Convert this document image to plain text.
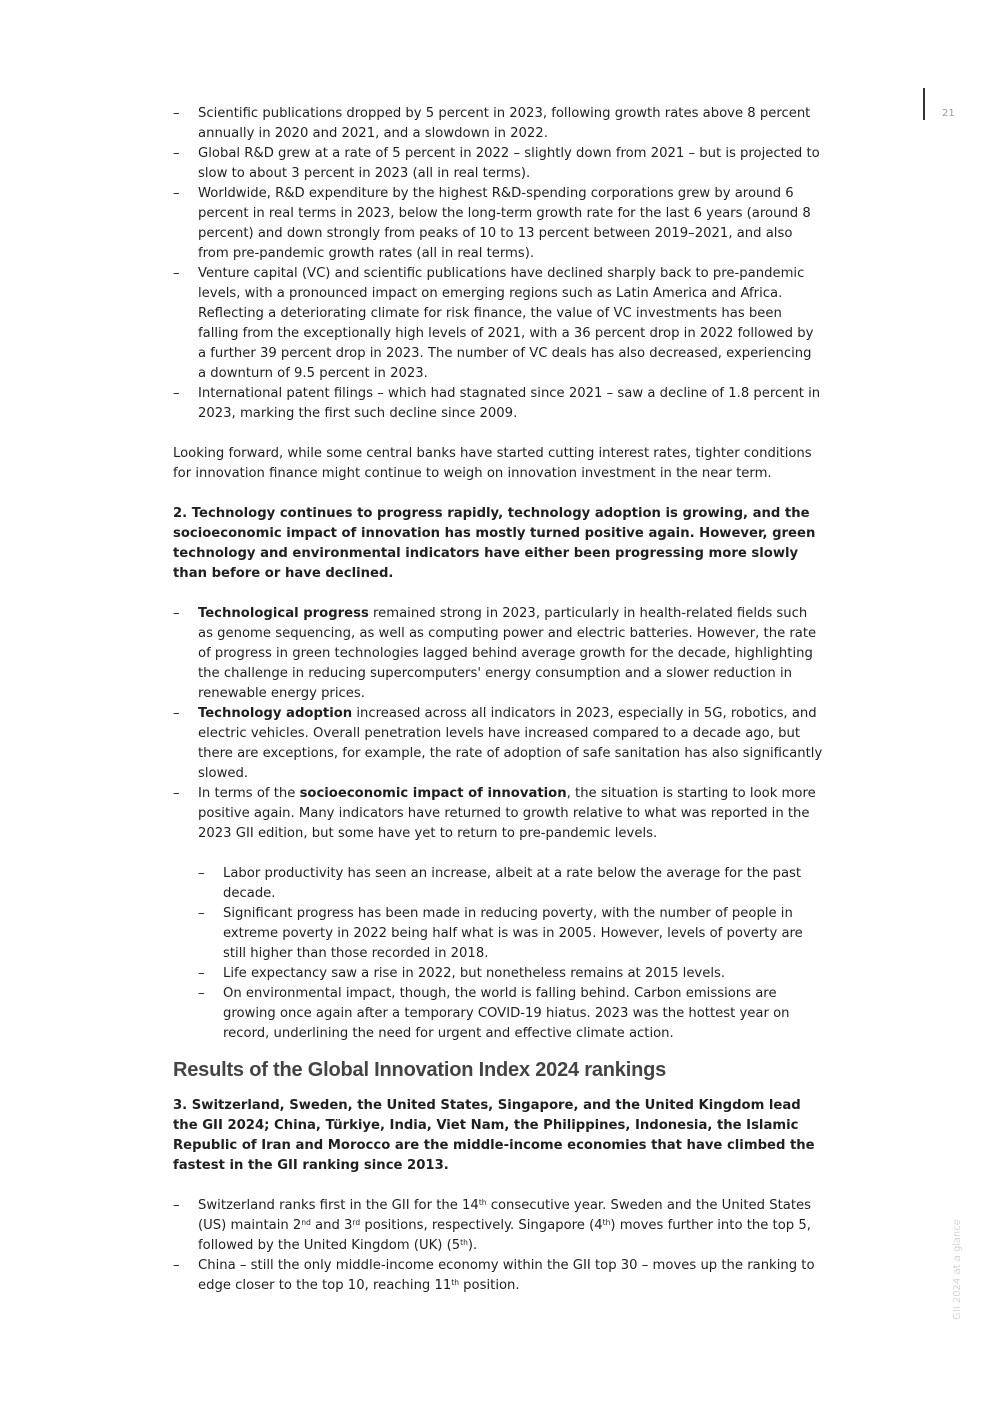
21
GII 2024 at a glance
– Scientific publications dropped by 5 percent in 2023, following growth rates above 8 percent annually in 2020 and 2021, and a slowdown in 2022.
– Global R&D grew at a rate of 5 percent in 2022 – slightly down from 2021 – but is projected to slow to about 3 percent in 2023 (all in real terms).
– Worldwide, R&D expenditure by the highest R&D-spending corporations grew by around 6 percent in real terms in 2023, below the long-term growth rate for the last 6 years (around 8 percent) and down strongly from peaks of 10 to 13 percent between 2019–2021, and also from pre-pandemic growth rates (all in real terms).
– Venture capital (VC) and scientific publications have declined sharply back to pre-pandemic levels, with a pronounced impact on emerging regions such as Latin America and Africa. Reflecting a deteriorating climate for risk finance, the value of VC investments has been falling from the exceptionally high levels of 2021, with a 36 percent drop in 2022 followed by a further 39 percent drop in 2023. The number of VC deals has also decreased, experiencing a downturn of 9.5 percent in 2023.
– International patent filings – which had stagnated since 2021 – saw a decline of 1.8 percent in 2023, marking the first such decline since 2009.

Looking forward, while some central banks have started cutting interest rates, tighter conditions for innovation finance might continue to weigh on innovation investment in the near term.

2. Technology continues to progress rapidly, technology adoption is growing, and the socioeconomic impact of innovation has mostly turned positive again. However, green technology and environmental indicators have either been progressing more slowly than before or have declined.

– Technological progress remained strong in 2023, particularly in health-related fields such as genome sequencing, as well as computing power and electric batteries. However, the rate of progress in green technologies lagged behind average growth for the decade, highlighting the challenge in reducing supercomputers' energy consumption and a slower reduction in renewable energy prices.
– Technology adoption increased across all indicators in 2023, especially in 5G, robotics, and electric vehicles. Overall penetration levels have increased compared to a decade ago, but there are exceptions, for example, the rate of adoption of safe sanitation has also significantly slowed.
– In terms of the socioeconomic impact of innovation, the situation is starting to look more positive again. Many indicators have returned to growth relative to what was reported in the 2023 GII edition, but some have yet to return to pre-pandemic levels.
– Labor productivity has seen an increase, albeit at a rate below the average for the past decade.
– Significant progress has been made in reducing poverty, with the number of people in extreme poverty in 2022 being half what is was in 2005. However, levels of poverty are still higher than those recorded in 2018.
– Life expectancy saw a rise in 2022, but nonetheless remains at 2015 levels.
– On environmental impact, though, the world is falling behind. Carbon emissions are growing once again after a temporary COVID-19 hiatus. 2023 was the hottest year on record, underlining the need for urgent and effective climate action.
Results of the Global Innovation Index 2024 rankings

3. Switzerland, Sweden, the United States, Singapore, and the United Kingdom lead the GII 2024; China, Türkiye, India, Viet Nam, the Philippines, Indonesia, the Islamic Republic of Iran and Morocco are the middle-income economies that have climbed the fastest in the GII ranking since 2013.

– Switzerland ranks first in the GII for the 14th consecutive year. Sweden and the United States (US) maintain 2nd and 3rd positions, respectively. Singapore (4th) moves further into the top 5, followed by the United Kingdom (UK) (5th).
– China – still the only middle-income economy within the GII top 30 – moves up the ranking to edge closer to the top 10, reaching 11th position.
